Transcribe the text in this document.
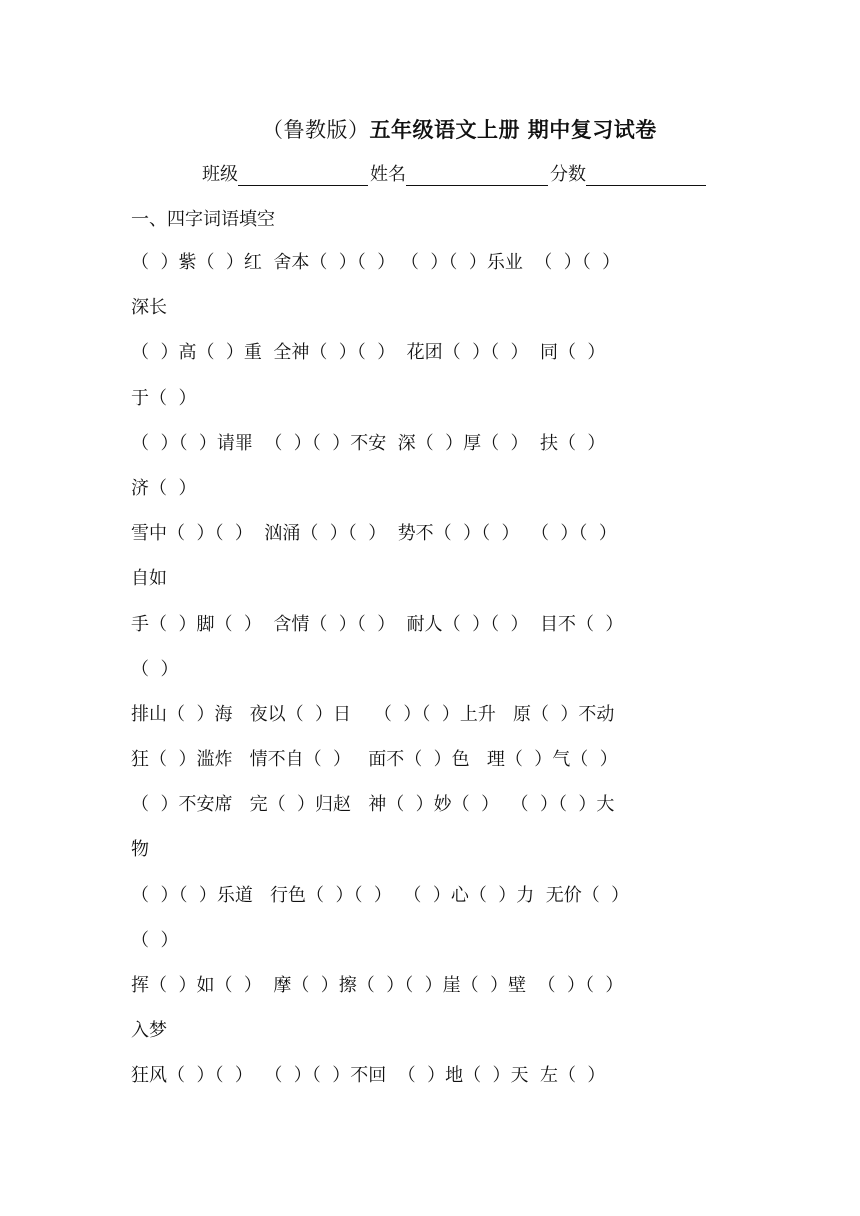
（鲁教版）五年级语文上册 期中复习试卷
班级	姓名	分数
一、四字词语填空
（  ）紫（  ）红  舍本（  ）（  ） （  ）（  ）乐业  （  ）（  ）
深长
（  ）高（  ）重  全神（  ）（  ）  花团（  ）（  ）  同（  ）
于（  ）
（  ）（  ）请罪  （  ）（  ）不安  深（  ）厚（  ）  扶（  ）
济（  ）
雪中（  ）（  ）  汹涌（  ）（  ）  势不（  ）（  ）  （  ）（  ）
自如
手（  ）脚（  ）  含情（  ）（  ）  耐人（  ）（  ）  目不（  ）
（  ）
排山（  ）海   夜以（  ）日    （  ）（  ）上升   原（  ）不动
狂（  ）滥炸   情不自（  ）   面不（  ）色   理（  ）气（  ）
（  ）不安席   完（  ）归赵   神（  ）妙（  ）  （  ）（  ）大
物
（  ）（  ）乐道   行色（  ）（  ）  （  ）心（  ）力  无价（  ）
（  ）
挥（  ）如（  ）  摩（  ）擦（  ）（  ）崖（  ）壁  （  ）（  ）
入梦
狂风（  ）（  ）  （  ）（  ）不回  （  ）地（  ）天  左（  ）
